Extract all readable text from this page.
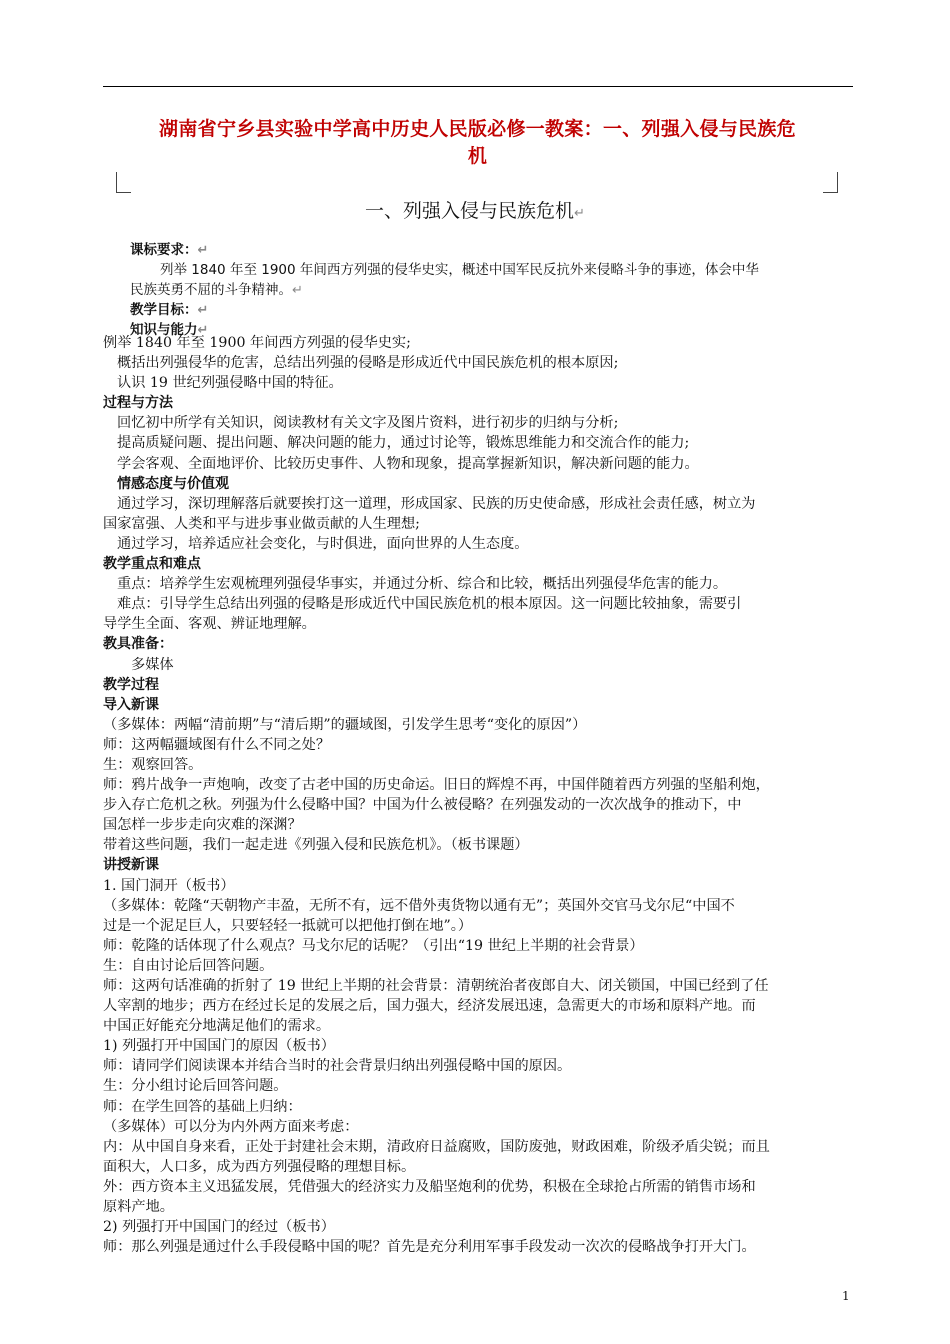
湖南省宁乡县实验中学高中历史人民版必修一教案：一、列强入侵与民族危
机
一、列强入侵与民族危机↵
课标要求：↵
列举 1840 年至 1900 年间西方列强的侵华史实，概述中国军民反抗外来侵略斗争的事迹，体会中华
民族英勇不屈的斗争精神。↵
教学目标：↵
知识与能力↵
例举 1840 年至 1900 年间西方列强的侵华史实;
概括出列强侵华的危害，总结出列强的侵略是形成近代中国民族危机的根本原因;
认识 19 世纪列强侵略中国的特征。
过程与方法
回忆初中所学有关知识，阅读教材有关文字及图片资料，进行初步的归纳与分析;
提高质疑问题、提出问题、解决问题的能力，通过讨论等，锻炼思维能力和交流合作的能力;
学会客观、全面地评价、比较历史事件、人物和现象，提高掌握新知识，解决新问题的能力。
情感态度与价值观
通过学习，深切理解落后就要挨打这一道理，形成国家、民族的历史使命感，形成社会责任感，树立为
国家富强、人类和平与进步事业做贡献的人生理想;
通过学习，培养适应社会变化，与时俱进，面向世界的人生态度。
教学重点和难点
重点：培养学生宏观梳理列强侵华事实，并通过分析、综合和比较，概括出列强侵华危害的能力。
难点：引导学生总结出列强的侵略是形成近代中国民族危机的根本原因。这一问题比较抽象，需要引
导学生全面、客观、辨证地理解。
教具准备：
多媒体
教学过程
导入新课
（多媒体：两幅“清前期”与“清后期”的疆域图，引发学生思考“变化的原因”）
师：这两幅疆域图有什么不同之处？
生：观察回答。
师：鸦片战争一声炮响，改变了古老中国的历史命运。旧日的辉煌不再，中国伴随着西方列强的坚船利炮，
步入存亡危机之秋。列强为什么侵略中国？中国为什么被侵略？在列强发动的一次次战争的推动下，中
国怎样一步步走向灾难的深渊？
带着这些问题，我们一起走进《列强入侵和民族危机》。（板书课题）
讲授新课
1. 国门洞开（板书）
（多媒体：乾隆“天朝物产丰盈，无所不有，远不借外夷货物以通有无”；英国外交官马戈尔尼“中国不
过是一个泥足巨人，只要轻轻一抵就可以把他打倒在地”。）
师：乾隆的话体现了什么观点？马戈尔尼的话呢？（引出“19 世纪上半期的社会背景）
生：自由讨论后回答问题。
师：这两句话准确的折射了 19 世纪上半期的社会背景：清朝统治者夜郎自大、闭关锁国，中国已经到了任
人宰割的地步；西方在经过长足的发展之后，国力强大，经济发展迅速，急需更大的市场和原料产地。而
中国正好能充分地满足他们的需求。
1) 列强打开中国国门的原因（板书）
师：请同学们阅读课本并结合当时的社会背景归纳出列强侵略中国的原因。
生：分小组讨论后回答问题。
师：在学生回答的基础上归纳：
（多媒体）可以分为内外两方面来考虑：
内：从中国自身来看，正处于封建社会末期，清政府日益腐败，国防废弛，财政困难，阶级矛盾尖锐；而且
面积大，人口多，成为西方列强侵略的理想目标。
外：西方资本主义迅猛发展，凭借强大的经济实力及船坚炮利的优势，积极在全球抢占所需的销售市场和
原料产地。
2) 列强打开中国国门的经过（板书）
师：那么列强是通过什么手段侵略中国的呢？首先是充分利用军事手段发动一次次的侵略战争打开大门。
1
